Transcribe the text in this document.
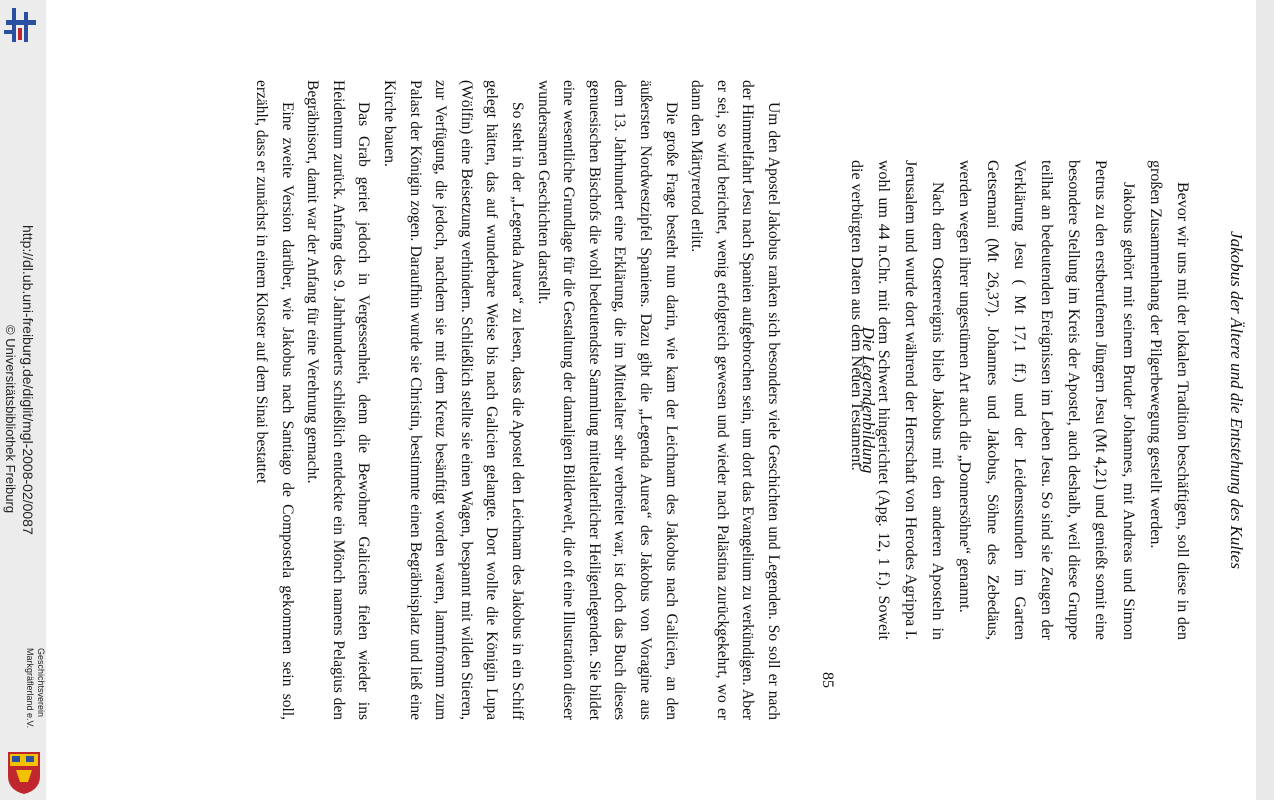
http://dl.ub.uni-freiburg.de/diglit/mgl-2008-02/0087
© Universitätsbibliothek Freiburg
Geschichtsverein
Markgräflerland e.V.
Jakobus der Ältere und die Entstehung des Kultes

Bevor wir uns mit der lokalen Tradition beschäftigen, soll diese in den großen Zusammenhang der Pilgerbewegung gestellt werden.

Jakobus gehört mit seinem Bruder Johannes, mit Andreas und Simon Petrus zu den erstberufenen Jüngern Jesu (Mt 4,21) und genießt somit eine besondere Stellung im Kreis der Apostel, auch deshalb, weil diese Gruppe teilhat an bedeutenden Ereignissen im Leben Jesu. So sind sie Zeugen der Verklärung Jesu ( Mt 17,1 ff.) und der Leidensstunden im Garten Getsemani (Mt 26,37). Johannes und Jakobus, Söhne des Zebedäus, werden wegen ihrer ungestümen Art auch die „Donnersöhne“ genannt.

Nach dem Osterereignis blieb Jakobus mit den anderen Aposteln in Jerusalem und wurde dort während der Herrschaft von Herodes Agrippa I. wohl um 44 n.Chr. mit dem Schwert hingerichtet (Apg. 12, 1 f.). Soweit die verbürgten Daten aus dem Neuen Testament.

Die Legendenbildung

Um den Apostel Jakobus ranken sich besonders viele Geschichten und Legenden. So soll er nach der Himmelfahrt Jesu nach Spanien aufgebrochen sein, um dort das Evangelium zu verkündigen. Aber er sei, so wird berichtet, wenig erfolgreich gewesen und wieder nach Palästina zurückgekehrt, wo er dann den Märtyrertod erlitt.

Die große Frage besteht nun darin, wie kam der Leichnam des Jakobus nach Galicien, an den äußersten Nordwestzipfel Spaniens. Dazu gibt die „Legenda Aurea“ des Jakobus von Voragine aus dem 13. Jahrhundert eine Erklärung, die im Mittelalter sehr verbreitet war, ist doch das Buch dieses genuesischen Bischofs die wohl bedeutendste Sammlung mittelalterlicher Heiligenlegenden. Sie bildet eine wesentliche Grundlage für die Gestaltung der damaligen Bilderwelt, die oft eine Illustration dieser wundersamen Geschichten darstellt.

So steht in der „Legenda Aurea“ zu lesen, dass die Apostel den Leichnam des Jakobus in ein Schiff gelegt hätten, das auf wunderbare Weise bis nach Galicien gelangte. Dort wollte die Königin Lupa (Wölfin) eine Beisetzung verhindern. Schließlich stellte sie einen Wagen, bespannt mit wilden Stieren, zur Verfügung, die jedoch, nachdem sie mit dem Kreuz besänftigt worden waren, lammfromm zum Palast der Königin zogen. Daraufhin wurde sie Christin, bestimmte einen Begräbnisplatz und ließ eine Kirche bauen.

Das Grab geriet jedoch in Vergessenheit, denn die Bewohner Galiciens fielen wieder ins Heidentum zurück. Anfang des 9. Jahrhunderts schließlich entdeckte ein Mönch namens Pelagius den Begräbnisort, damit war der Anfang für eine Verehrung gemacht.

Eine zweite Version darüber, wie Jakobus nach Santiago de Compostela gekommen sein soll, erzählt, dass er zunächst in einem Kloster auf dem Sinai bestattet

85
